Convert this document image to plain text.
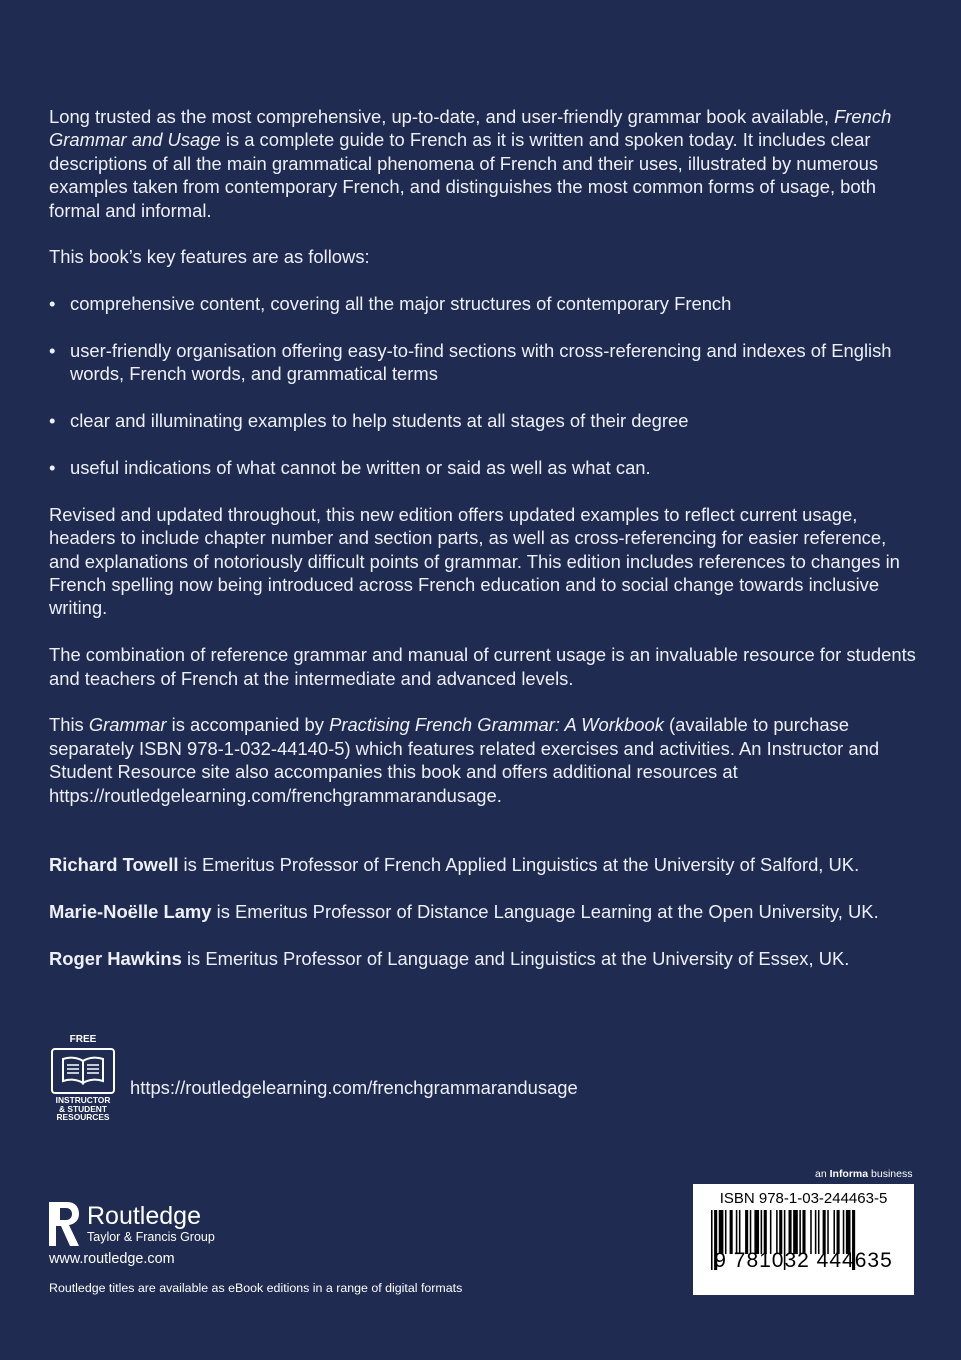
Long trusted as the most comprehensive, up-to-date, and user-friendly grammar book available, French Grammar and Usage is a complete guide to French as it is written and spoken today. It includes clear descriptions of all the main grammatical phenomena of French and their uses, illustrated by numerous examples taken from contemporary French, and distinguishes the most common forms of usage, both formal and informal.

This book’s key features are as follows:

• comprehensive content, covering all the major structures of contemporary French
• user-friendly organisation offering easy-to-find sections with cross-referencing and indexes of English words, French words, and grammatical terms
• clear and illuminating examples to help students at all stages of their degree
• useful indications of what cannot be written or said as well as what can.

Revised and updated throughout, this new edition offers updated examples to reflect current usage, headers to include chapter number and section parts, as well as cross-referencing for easier reference, and explanations of notoriously difficult points of grammar. This edition includes references to changes in French spelling now being introduced across French education and to social change towards inclusive writing.

The combination of reference grammar and manual of current usage is an invaluable resource for students and teachers of French at the intermediate and advanced levels.

This Grammar is accompanied by Practising French Grammar: A Workbook (available to purchase separately ISBN 978-1-032-44140-5) which features related exercises and activities. An Instructor and Student Resource site also accompanies this book and offers additional resources at https://routledgelearning.com/frenchgrammarandusage.

Richard Towell is Emeritus Professor of French Applied Linguistics at the University of Salford, UK.

Marie-Noëlle Lamy is Emeritus Professor of Distance Language Learning at the Open University, UK.

Roger Hawkins is Emeritus Professor of Language and Linguistics at the University of Essex, UK.

FREE
INSTRUCTOR
& STUDENT
RESOURCES
https://routledgelearning.com/frenchgrammarandusage
an Informa business
ISBN 978-1-03-244463-5
9 781032 444635
Routledge
Taylor & Francis Group
www.routledge.com
Routledge titles are available as eBook editions in a range of digital formats
